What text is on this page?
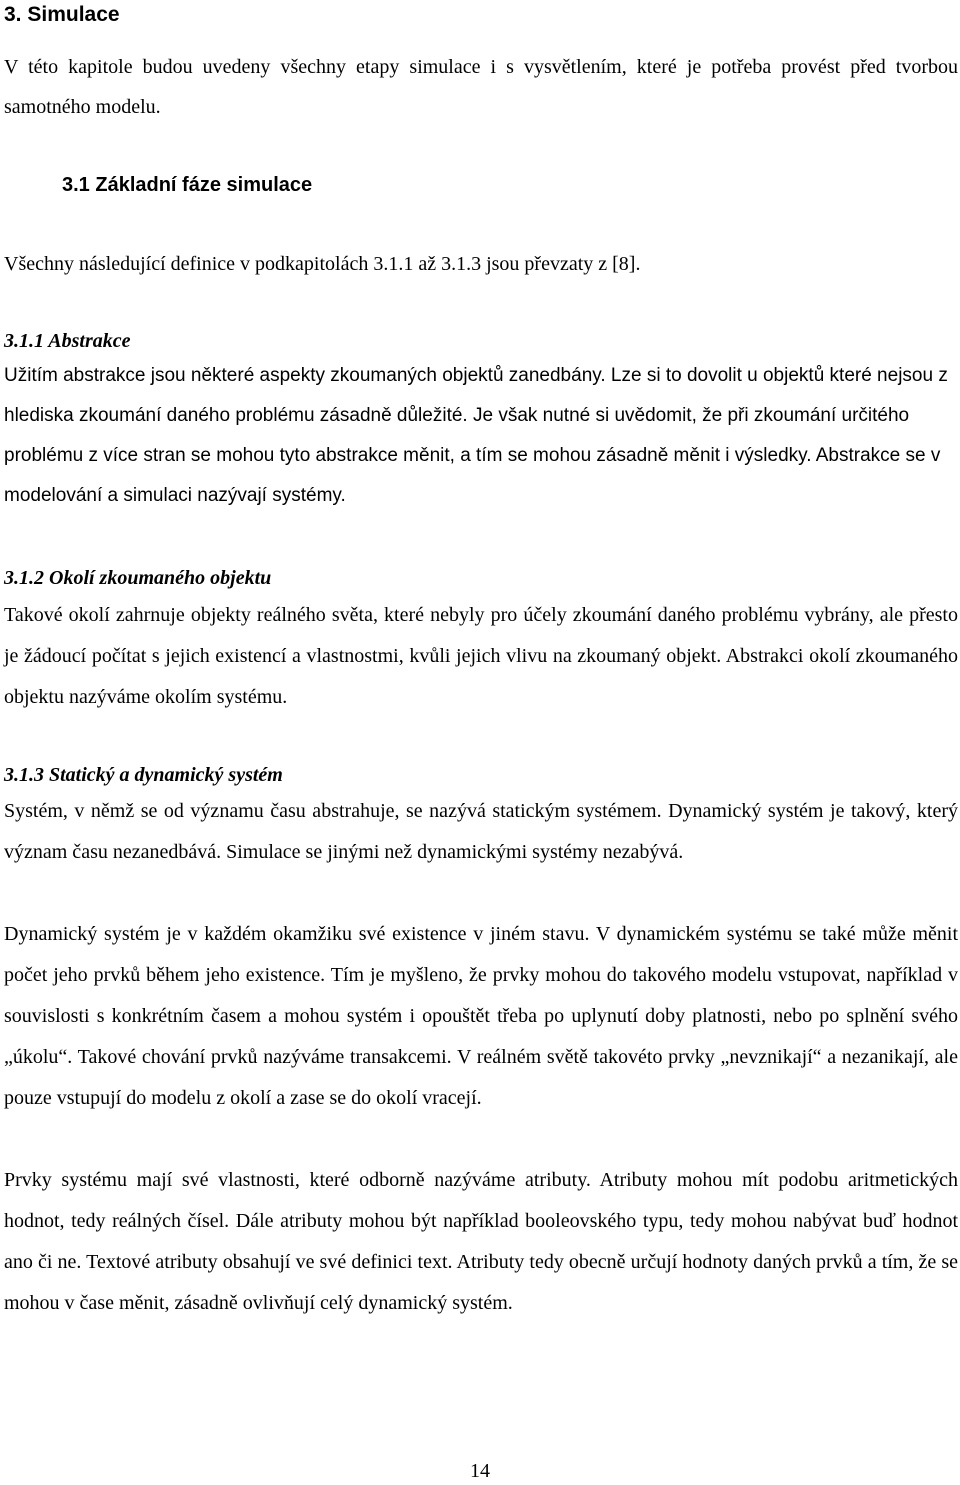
3. Simulace

V této kapitole budou uvedeny všechny etapy simulace i s vysvětlením, které je potřeba provést před tvorbou samotného modelu.

3.1 Základní fáze simulace

Všechny následující definice v podkapitolách 3.1.1 až 3.1.3 jsou převzaty z [8].

3.1.1 Abstrakce

Užitím abstrakce jsou některé aspekty zkoumaných objektů zanedbány. Lze si to dovolit u objektů které nejsou z hlediska zkoumání daného problému zásadně důležité. Je však nutné si uvědomit, že při zkoumání určitého problému z více stran se mohou tyto abstrakce měnit, a tím se mohou zásadně měnit i výsledky. Abstrakce se v modelování a simulaci nazývají systémy.

3.1.2 Okolí zkoumaného objektu

Takové okolí zahrnuje objekty reálného světa, které nebyly pro účely zkoumání daného problému vybrány, ale přesto je žádoucí počítat s jejich existencí a vlastnostmi, kvůli jejich vlivu na zkoumaný objekt. Abstrakci okolí zkoumaného objektu nazýváme okolím systému.

3.1.3 Statický a dynamický systém

Systém, v němž se od významu času abstrahuje, se nazývá statickým systémem. Dynamický systém je takový, který význam času nezanedbává. Simulace se jinými než dynamickými systémy nezabývá.

Dynamický systém je v každém okamžiku své existence v jiném stavu. V dynamickém systému se také může měnit počet jeho prvků během jeho existence. Tím je myšleno, že prvky mohou do takového modelu vstupovat, například v souvislosti s konkrétním časem a mohou systém i opouštět třeba po uplynutí doby platnosti, nebo po splnění svého „úkolu“. Takové chování prvků nazýváme transakcemi. V reálném světě takovéto prvky „nevznikají“ a nezanikají, ale pouze vstupují do modelu z okolí a zase se do okolí vracejí.

Prvky systému mají své vlastnosti, které odborně nazýváme atributy. Atributy mohou mít podobu aritmetických hodnot, tedy reálných čísel. Dále atributy mohou být například booleovského typu, tedy mohou nabývat buď hodnot ano či ne. Textové atributy obsahují ve své definici text. Atributy tedy obecně určují hodnoty daných prvků a tím, že se mohou v čase měnit, zásadně ovlivňují celý dynamický systém.

14
